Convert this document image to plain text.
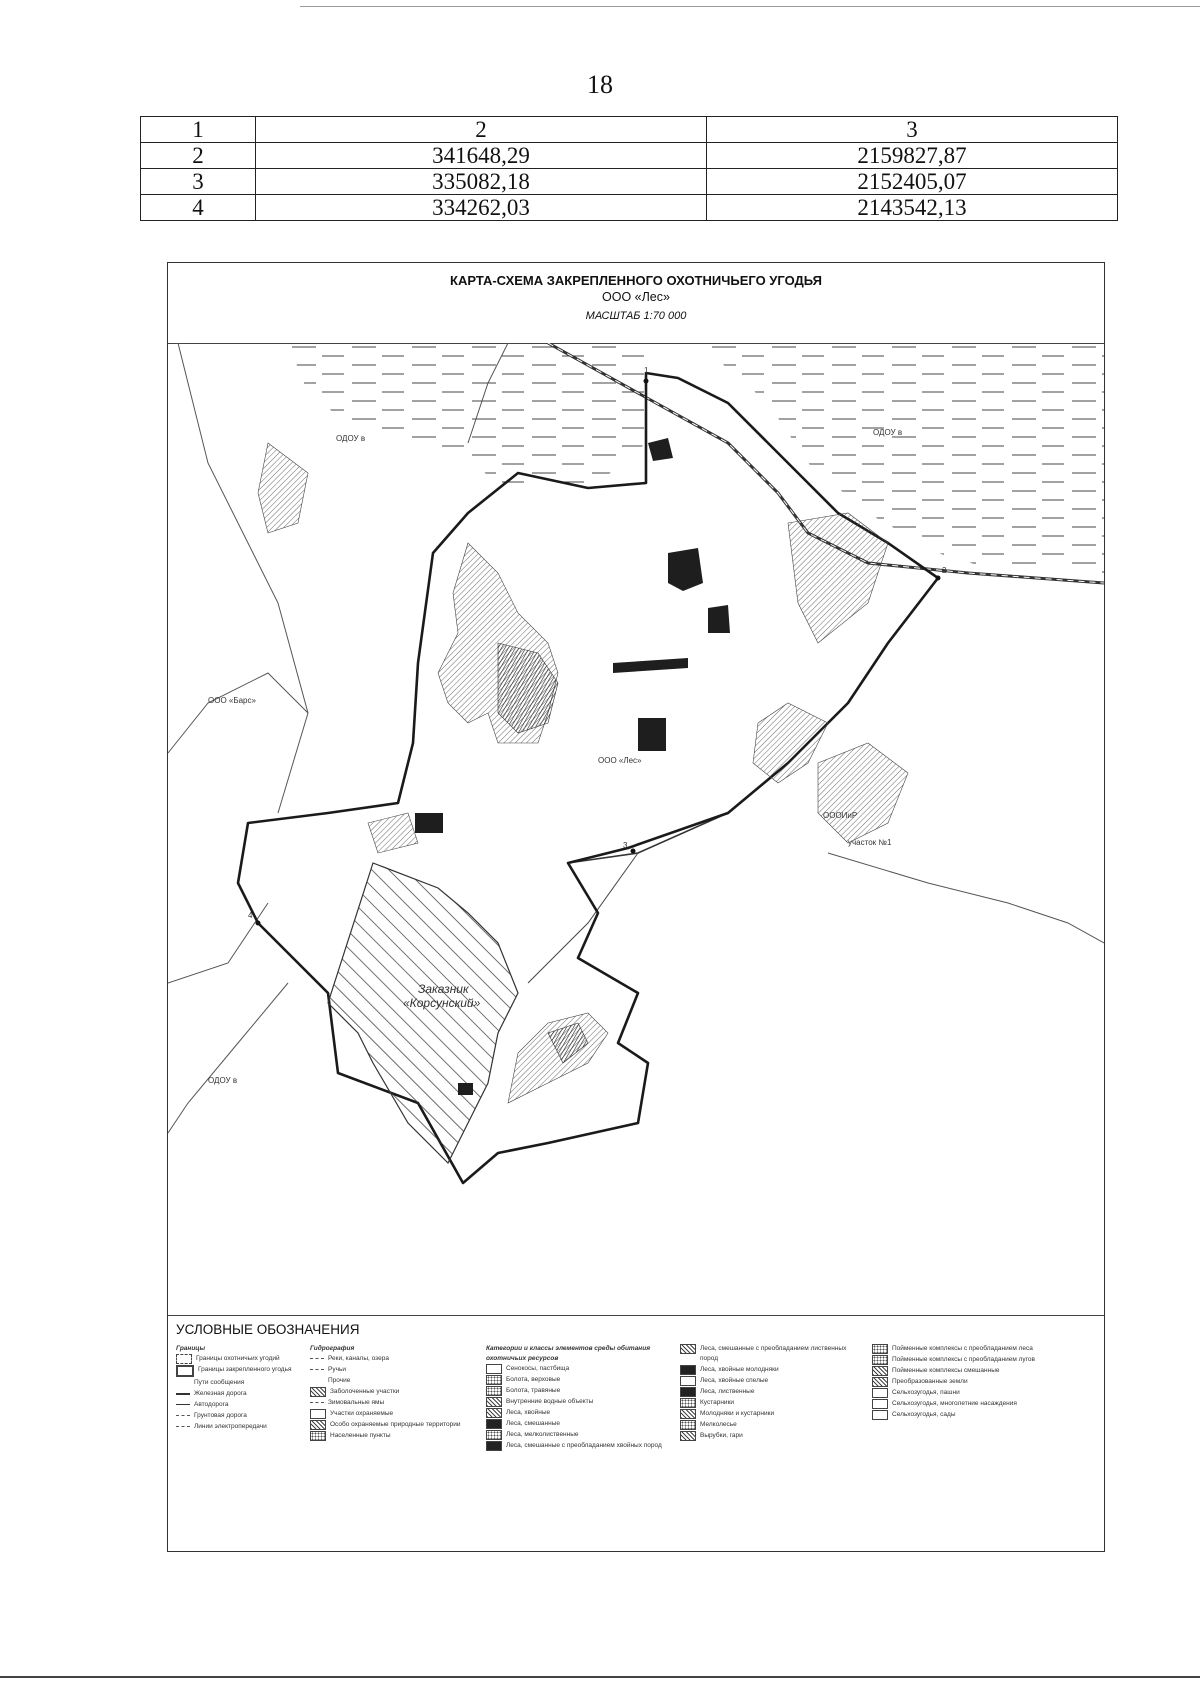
18
1	2	3
2	341648,29	2159827,87
3	335082,18	2152405,07
4	334262,03	2143542,13
КАРТА-СХЕМА ЗАКРЕПЛЕННОГО ОХОТНИЧЬЕГО УГОДЬЯ
ООО «Лес»
МАСШТАБ 1:70 000
1
2
3
4
ОДОУ в
ОДОУ в
ООО «Барс»
ОДОУ в
ОООИиР
участок №1
ООО «Лес»
Заказник
«Корсунский»
УСЛОВНЫЕ ОБОЗНАЧЕНИЯ
Границы
Границы охотничьих угодий
Границы закрепленного угодья
Пути сообщения
Железная дорога
Автодорога
Грунтовая дорога
Линии электропередачи
Гидрография
Реки, каналы, озера
Ручьи
Прочие
Заболоченные участки
Зимовальные ямы
Участки охраняемые
Особо охраняемые природные территории
Населенные пункты
Категории и классы элементов среды обитания охотничьих ресурсов
Сенокосы, пастбища
Болота, верховые
Болота, травяные
Внутренние водные объекты
Леса, хвойные
Леса, смешанные
Леса, мелколиственные
Леса, смешанные с преобладанием хвойных пород
Леса, смешанные с преобладанием лиственных пород
Леса, хвойные молодняки
Леса, хвойные спелые
Леса, лиственные
Кустарники
Молодняки и кустарники
Мелколесье
Вырубки, гари
Пойменные комплексы с преобладанием леса
Пойменные комплексы с преобладанием лугов
Пойменные комплексы смешанные
Преобразованные земли
Сельхозугодья, пашни
Сельхозугодья, многолетние насаждения
Сельхозугодья, сады
